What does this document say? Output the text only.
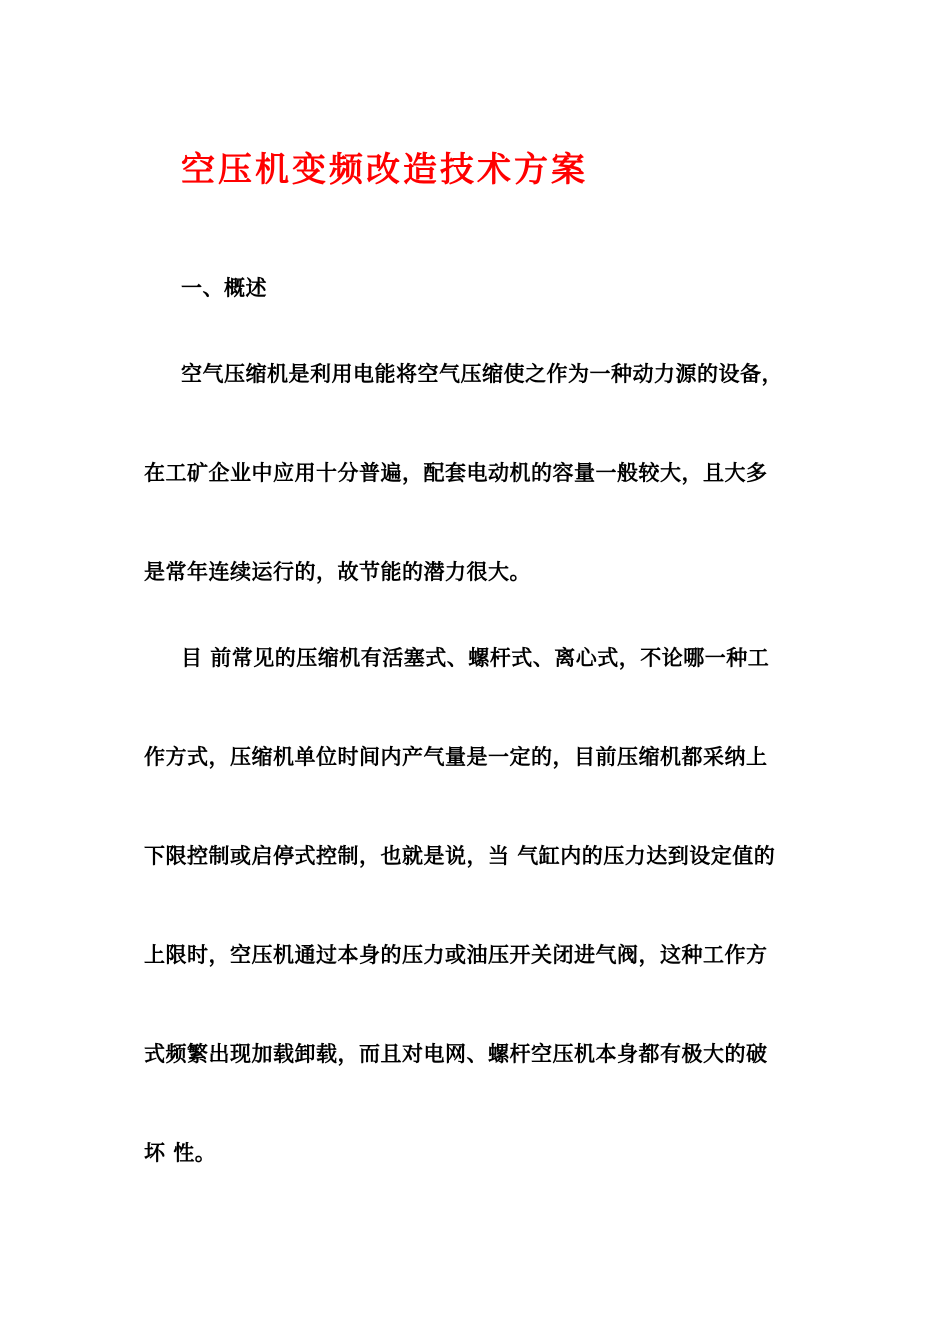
空压机变频改造技术方案
一、概述
空气压缩机是利用电能将空气压缩使之作为一种动力源的设备，
在工矿企业中应用十分普遍，配套电动机的容量一般较大，且大多
是常年连续运行的，故节能的潜力很大。
目 前常见的压缩机有活塞式、螺杆式、离心式，不论哪一种工
作方式，压缩机单位时间内产气量是一定的，目前压缩机都采纳上
下限控制或启停式控制，也就是说，当 气缸内的压力达到设定值的
上限时，空压机通过本身的压力或油压开关闭进气阀，这种工作方
式频繁出现加载卸载，而且对电网、螺杆空压机本身都有极大的破
坏 性。
